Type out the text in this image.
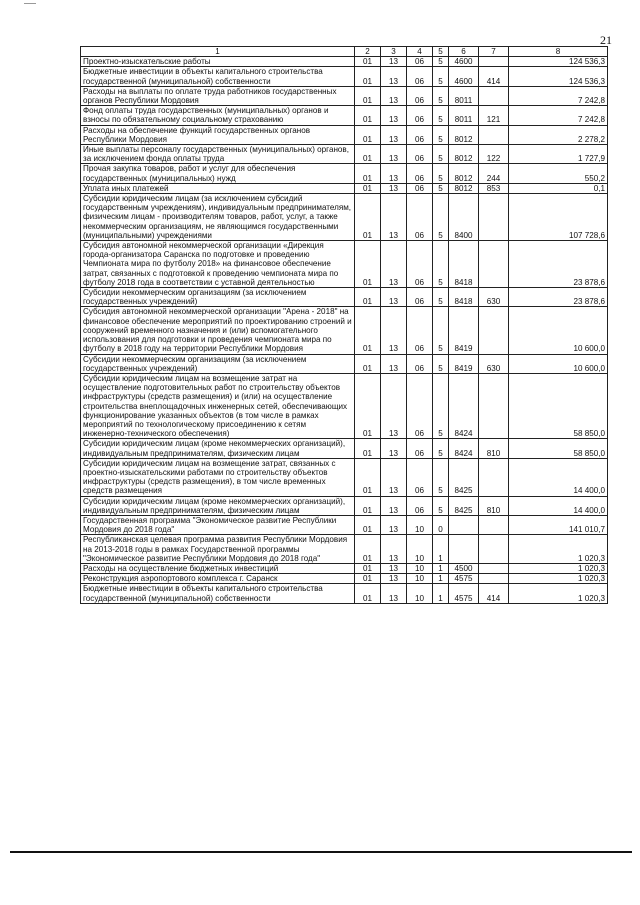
21
1	2	3	4	5	6	7	8
Проектно-изыскательские работы	01	13	06	5	4600		124 536,3
Бюджетные инвестиции в объекты капитального строительства государственной (муниципальной) собственности	01	13	06	5	4600	414	124 536,3
Расходы на выплаты по оплате труда работников государственных органов Республики Мордовия	01	13	06	5	8011		7 242,8
Фонд оплаты труда государственных (муниципальных) органов и взносы по обязательному социальному страхованию	01	13	06	5	8011	121	7 242,8
Расходы на обеспечение функций государственных органов Республики Мордовия	01	13	06	5	8012		2 278,2
Иные выплаты персоналу государственных (муниципальных) органов, за исключением фонда оплаты труда	01	13	06	5	8012	122	1 727,9
Прочая закупка товаров, работ и услуг для обеспечения государственных (муниципальных) нужд	01	13	06	5	8012	244	550,2
Уплата иных платежей	01	13	06	5	8012	853	0,1
Субсидии юридическим лицам (за исключением субсидий государственным учреждениям), индивидуальным предпринимателям, физическим лицам - производителям товаров, работ, услуг, а также некоммерческим организациям, не являющимся государственными (муниципальными) учреждениями	01	13	06	5	8400		107 728,6
Субсидия автономной некоммерческой организации «Дирекция города-организатора Саранска по подготовке и проведению Чемпионата мира по футболу 2018» на финансовое обеспечение затрат, связанных с подготовкой к проведению чемпионата мира по футболу 2018 года в соответствии с уставной деятельностью	01	13	06	5	8418		23 878,6
Субсидии некоммерческим организациям (за исключением государственных учреждений)	01	13	06	5	8418	630	23 878,6
Субсидия автономной некоммерческой организации "Арена - 2018" на финансовое обеспечение мероприятий по проектированию строений и сооружений временного назначения и (или) вспомогательного использования для подготовки и проведения чемпионата мира по футболу в 2018 году на территории Республики Мордовия	01	13	06	5	8419		10 600,0
Субсидии некоммерческим организациям (за исключением государственных учреждений)	01	13	06	5	8419	630	10 600,0
Субсидии юридическим лицам на возмещение затрат на осуществление подготовительных работ по строительству объектов инфраструктуры (средств размещения) и (или) на осуществление строительства внеплощадочных инженерных сетей, обеспечивающих функционирование указанных объектов (в том числе в рамках мероприятий по технологическому присоединению к сетям инженерно-технического обеспечения)	01	13	06	5	8424		58 850,0
Субсидии юридическим лицам (кроме некоммерческих организаций), индивидуальным предпринимателям, физическим лицам	01	13	06	5	8424	810	58 850,0
Субсидии юридическим лицам на возмещение затрат, связанных с проектно-изыскательскими работами по строительству объектов инфраструктуры (средств размещения), в том числе временных средств размещения	01	13	06	5	8425		14 400,0
Субсидии юридическим лицам (кроме некоммерческих организаций), индивидуальным предпринимателям, физическим лицам	01	13	06	5	8425	810	14 400,0
Государственная программа "Экономическое развитие Республики Мордовия до 2018 года"	01	13	10	0			141 010,7
Республиканская целевая программа развития Республики Мордовия на 2013-2018 годы в рамках Государственной программы "Экономическое развитие Республики Мордовия до 2018 года"	01	13	10	1			1 020,3
Расходы на осуществление бюджетных инвестиций	01	13	10	1	4500		1 020,3
Реконструкция аэропортового комплекса г. Саранск	01	13	10	1	4575		1 020,3
Бюджетные инвестиции в объекты капитального строительства государственной (муниципальной) собственности	01	13	10	1	4575	414	1 020,3
